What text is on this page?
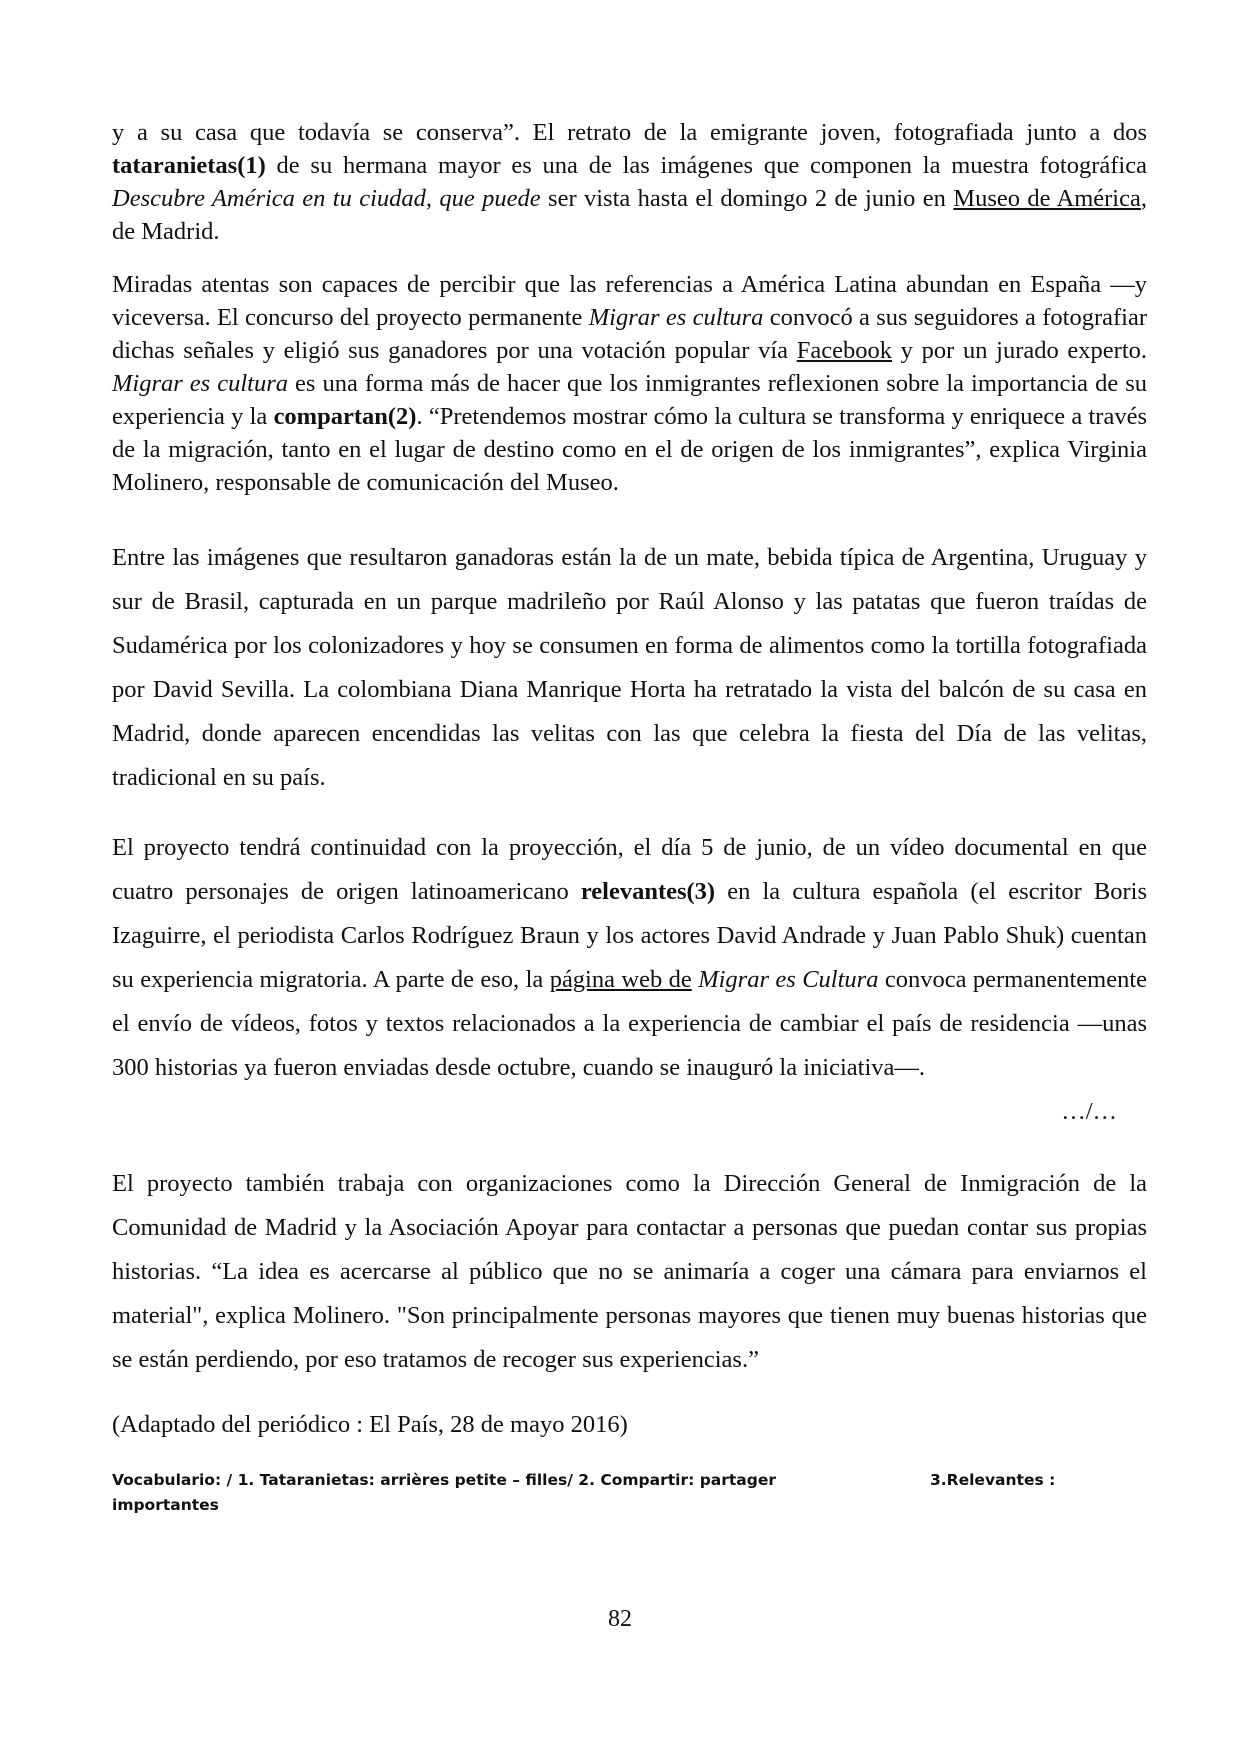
y a su casa que todavía se conserva”. El retrato de la emigrante joven, fotografiada junto a dos tataranietas(1) de su hermana mayor es una de las imágenes que componen la muestra fotográfica Descubre América en tu ciudad, que puede ser vista hasta el domingo 2 de junio en Museo de América, de Madrid.

Miradas atentas son capaces de percibir que las referencias a América Latina abundan en España —y viceversa. El concurso del proyecto permanente Migrar es cultura convocó a sus seguidores a fotografiar dichas señales y eligió sus ganadores por una votación popular vía Facebook y por un jurado experto. Migrar es cultura es una forma más de hacer que los inmigrantes reflexionen sobre la importancia de su experiencia y la compartan(2). “Pretendemos mostrar cómo la cultura se transforma y enriquece a través de la migración, tanto en el lugar de destino como en el de origen de los inmigrantes”, explica Virginia Molinero, responsable de comunicación del Museo.

Entre las imágenes que resultaron ganadoras están la de un mate, bebida típica de Argentina, Uruguay y sur de Brasil, capturada en un parque madrileño por Raúl Alonso y las patatas que fueron traídas de Sudamérica por los colonizadores y hoy se consumen en forma de alimentos como la tortilla fotografiada por David Sevilla. La colombiana Diana Manrique Horta ha retratado la vista del balcón de su casa en Madrid, donde aparecen encendidas las velitas con las que celebra la fiesta del Día de las velitas, tradicional en su país.

El proyecto tendrá continuidad con la proyección, el día 5 de junio, de un vídeo documental en que cuatro personajes de origen latinoamericano relevantes(3) en la cultura española (el escritor Boris Izaguirre, el periodista Carlos Rodríguez Braun y los actores David Andrade y Juan Pablo Shuk) cuentan su experiencia migratoria. A parte de eso, la página web de Migrar es Cultura convoca permanentemente el envío de vídeos, fotos y textos relacionados a la experiencia de cambiar el país de residencia —unas 300 historias ya fueron enviadas desde octubre, cuando se inauguró la iniciativa—.
…/…

El proyecto también trabaja con organizaciones como la Dirección General de Inmigración de la Comunidad de Madrid y la Asociación Apoyar para contactar a personas que puedan contar sus propias historias. “La idea es acercarse al público que no se animaría a coger una cámara para enviarnos el material", explica Molinero. "Son principalmente personas mayores que tienen muy buenas historias que se están perdiendo, por eso tratamos de recoger sus experiencias.”

(Adaptado del periódico : El País, 28 de mayo 2016)
Vocabulario: / 1. Tataranietas: arrières petite – filles/ 2. Compartir: partager	3.Relevantes :
importantes
82
